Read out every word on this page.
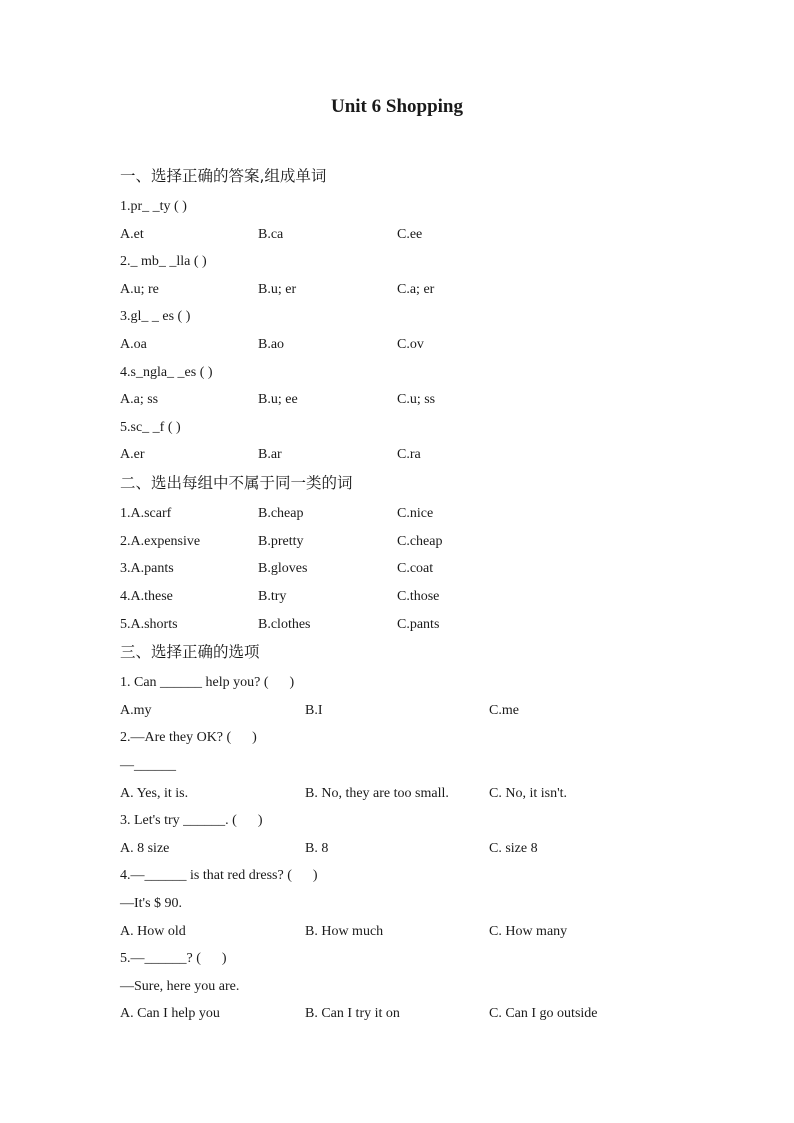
Unit 6 Shopping
一、选择正确的答案,组成单词
1.pr_ _ty ( )
A.et	B.ca	C.ee
2._ mb_ _lla ( )
A.u; re	B.u; er	C.a; er
3.gl_ _ es ( )
A.oa	B.ao	C.ov
4.s_ngla_ _es ( )
A.a; ss	B.u; ee	C.u; ss
5.sc_ _f ( )
A.er	B.ar	C.ra
二、选出每组中不属于同一类的词
1.A.scarf	B.cheap	C.nice
2.A.expensive	B.pretty	C.cheap
3.A.pants	B.gloves	C.coat
4.A.these	B.try	C.those
5.A.shorts	B.clothes	C.pants
三、选择正确的选项
1. Can ______ help you? (      )
A.my	B.I	C.me
2.—Are they OK? (      )
—______
A. Yes, it is.	B. No, they are too small.	C. No, it isn't.
3. Let's try ______. (      )
A. 8 size	B. 8	C. size 8
4.—______ is that red dress? (      )
—It's $ 90.
A. How old	B. How much	C. How many
5.—______? (      )
—Sure, here you are.
A. Can I help you	B. Can I try it on	C. Can I go outside
